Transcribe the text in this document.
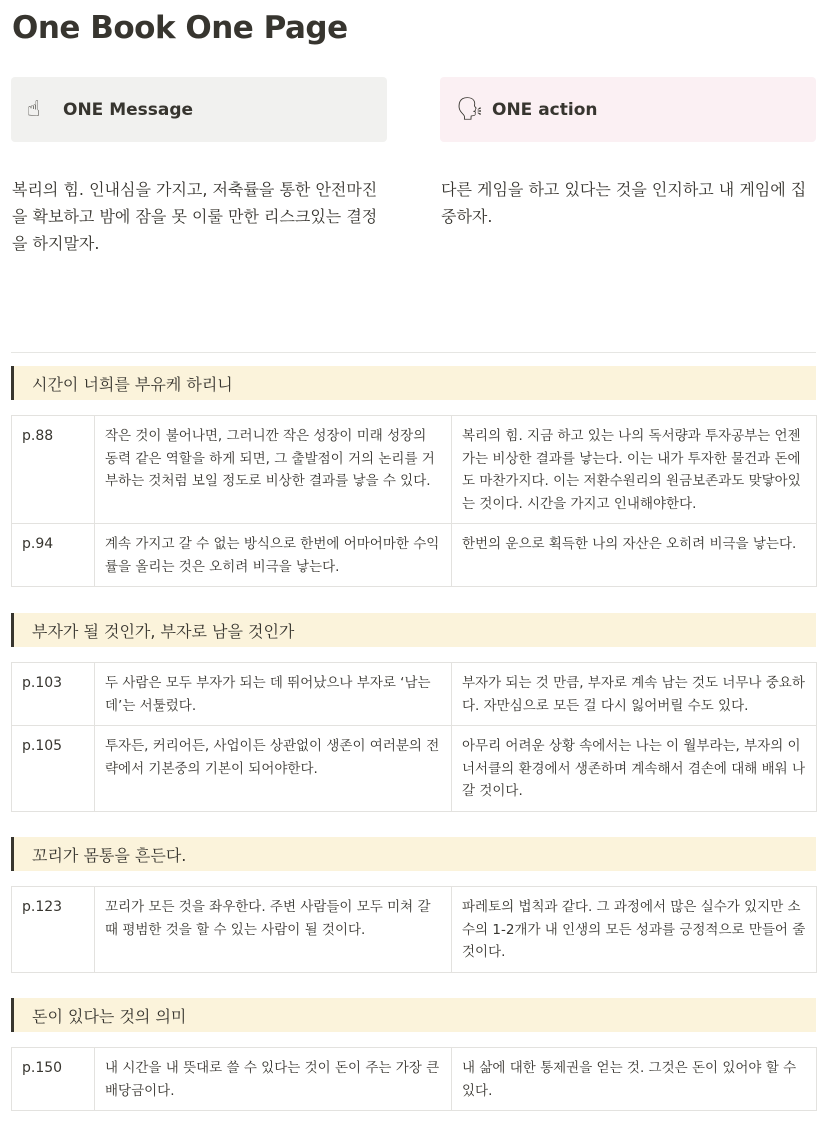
One Book One Page
☝	ONE Message	🗣 ONE action
복리의 힘. 인내심을 가지고, 저축률을 통한 안전마진을 확보하고 밤에 잠을 못 이룰 만한 리스크있는 결정을 하지말자.
다른 게임을 하고 있다는 것을 인지하고 내 게임에 집중하자.
시간이 너희를 부유케 하리니
p.88	작은 것이 불어나면, 그러니깐 작은 성장이 미래 성장의 동력 같은 역할을 하게 되면, 그 출발점이 거의 논리를 거부하는 것처럼 보일 정도로 비상한 결과를 낳을 수 있다.	복리의 힘. 지금 하고 있는 나의 독서량과 투자공부는 언젠가는 비상한 결과를 낳는다. 이는 내가 투자한 물건과 돈에도 마찬가지다. 이는 저환수원리의 원금보존과도 맞닿아있는 것이다. 시간을 가지고 인내해야한다.
p.94	계속 가지고 갈 수 없는 방식으로 한번에 어마어마한 수익률을 올리는 것은 오히려 비극을 낳는다.	한번의 운으로 획득한 나의 자산은 오히려 비극을 낳는다.
부자가 될 것인가, 부자로 남을 것인가
p.103	두 사람은 모두 부자가 되는 데 뛰어났으나 부자로 ‘남는 데’는 서툴렀다.	부자가 되는 것 만큼, 부자로 계속 남는 것도 너무나 중요하다. 자만심으로 모든 걸 다시 잃어버릴 수도 있다.
p.105	투자든, 커리어든, 사업이든 상관없이 생존이 여러분의 전략에서 기본중의 기본이 되어야한다.	아무리 어려운 상황 속에서는 나는 이 월부라는, 부자의 이너서클의 환경에서 생존하며 계속해서 겸손에 대해 배워 나갈 것이다.
꼬리가 몸통을 흔든다.
p.123	꼬리가 모든 것을 좌우한다. 주변 사람들이 모두 미쳐 갈 때 평범한 것을 할 수 있는 사람이 될 것이다.	파레토의 법칙과 같다. 그 과정에서 많은 실수가 있지만 소수의 1-2개가 내 인생의 모든 성과를 긍정적으로 만들어 줄 것이다.
돈이 있다는 것의 의미
p.150	내 시간을 내 뜻대로 쓸 수 있다는 것이 돈이 주는 가장 큰 배당금이다.	내 삶에 대한 통제권을 얻는 것. 그것은 돈이 있어야 할 수 있다.
